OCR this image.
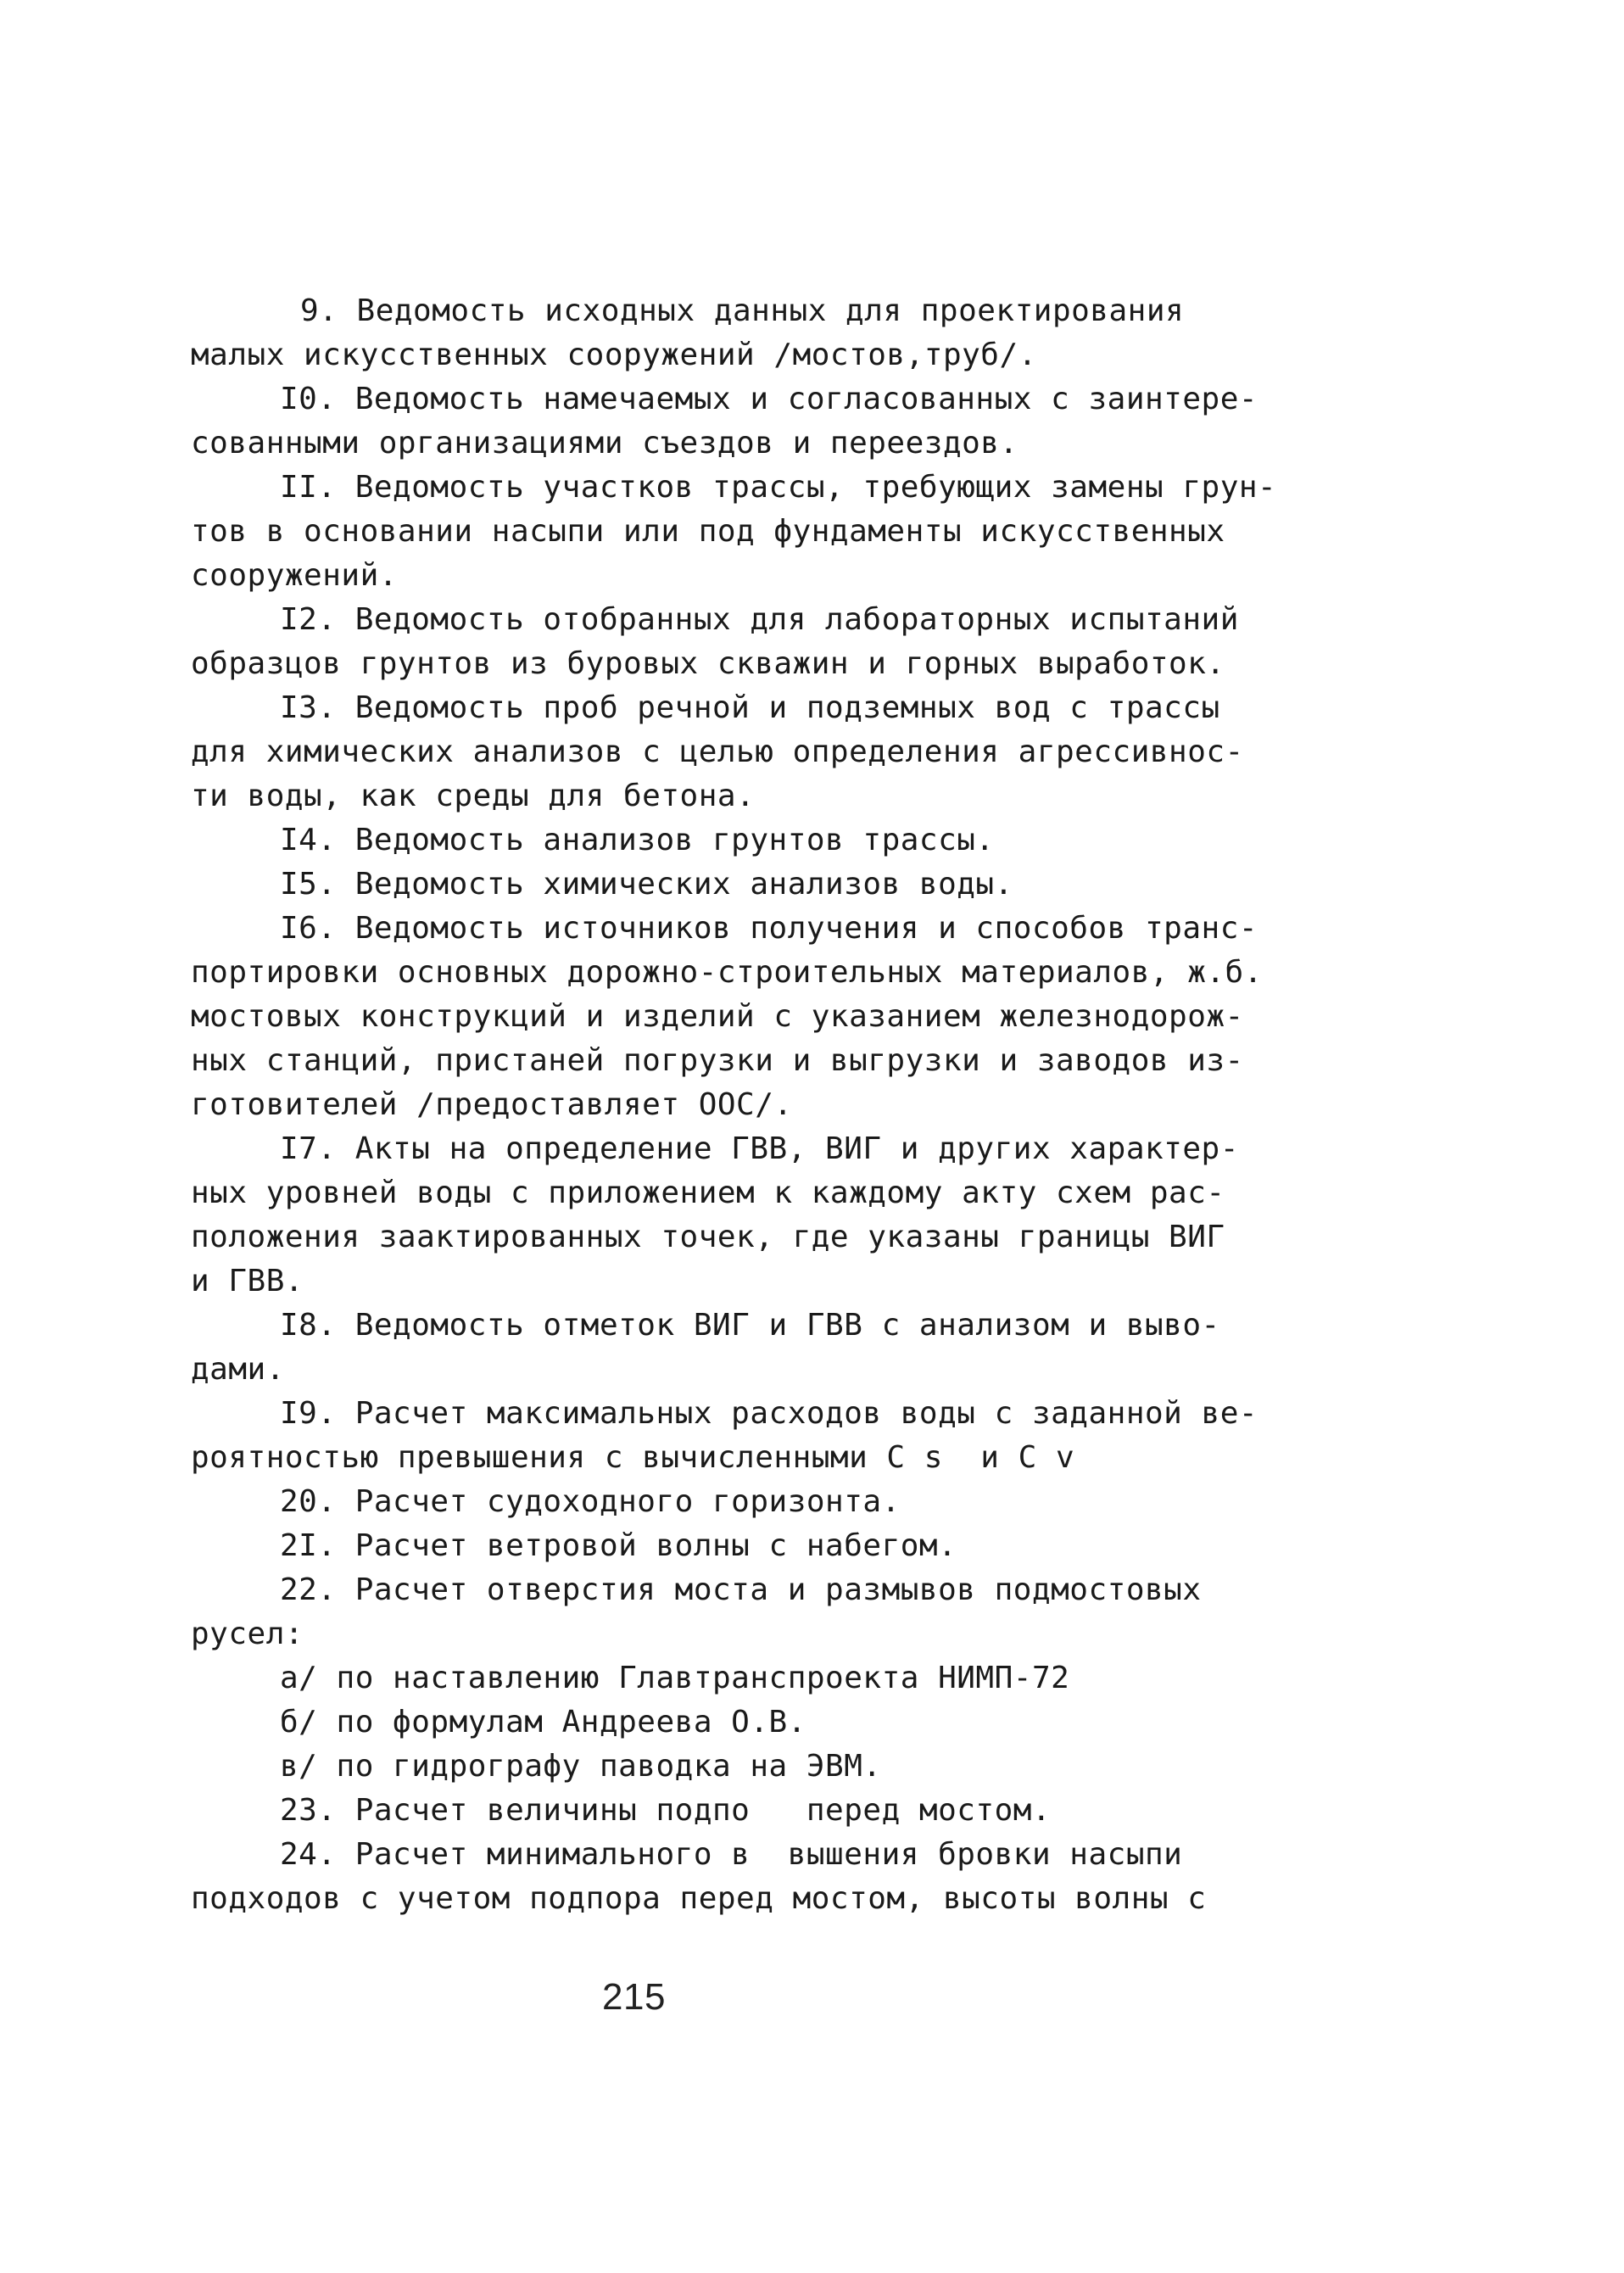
9. Ведомость исходных данных для проектирования
малых искусственных сооружений /мостов,труб/.
I0. Ведомость намечаемых и согласованных с заинтере-
сованными организациями съездов и переездов.
II. Ведомость участков трассы, требующих замены грун-
тов в основании насыпи или под фундаменты искусственных
сооружений.
I2. Ведомость отобранных для лабораторных испытаний
образцов грунтов из буровых скважин и горных выработок.
I3. Ведомость проб речной и подземных вод с трассы
для химических анализов с целью определения агрессивнос-
ти воды, как среды для бетона.
I4. Ведомость анализов грунтов трассы.
I5. Ведомость химических анализов воды.
I6. Ведомость источников получения и способов транс-
портировки основных дорожно-строительных материалов, ж.б.
мостовых конструкций и изделий с указанием железнодорож-
ных станций, пристаней погрузки и выгрузки и заводов из-
готовителей /предоставляет ООС/.
I7. Акты на определение ГВВ, ВИГ и других характер-
ных уровней воды с приложением к каждому акту схем рас-
положения заактированных точек, где указаны границы ВИГ
и ГВВ.
I8. Ведомость отметок ВИГ и ГВВ с анализом и выво-
дами.
I9. Расчет максимальных расходов воды с заданной ве-
роятностью превышения с вычисленными C s  и C v
20. Расчет судоходного горизонта.
2I. Расчет ветровой волны с набегом.
22. Расчет отверстия моста и размывов подмостовых
русел:
а/ по наставлению Главтранспроекта НИМП-72
б/ по формулам Андреева О.В.
в/ по гидрографу паводка на ЭВМ.
23. Расчет величины подпо   перед мостом.
24. Расчет минимального в  вышения бровки насыпи
подходов с учетом подпора перед мостом, высоты волны с
215
